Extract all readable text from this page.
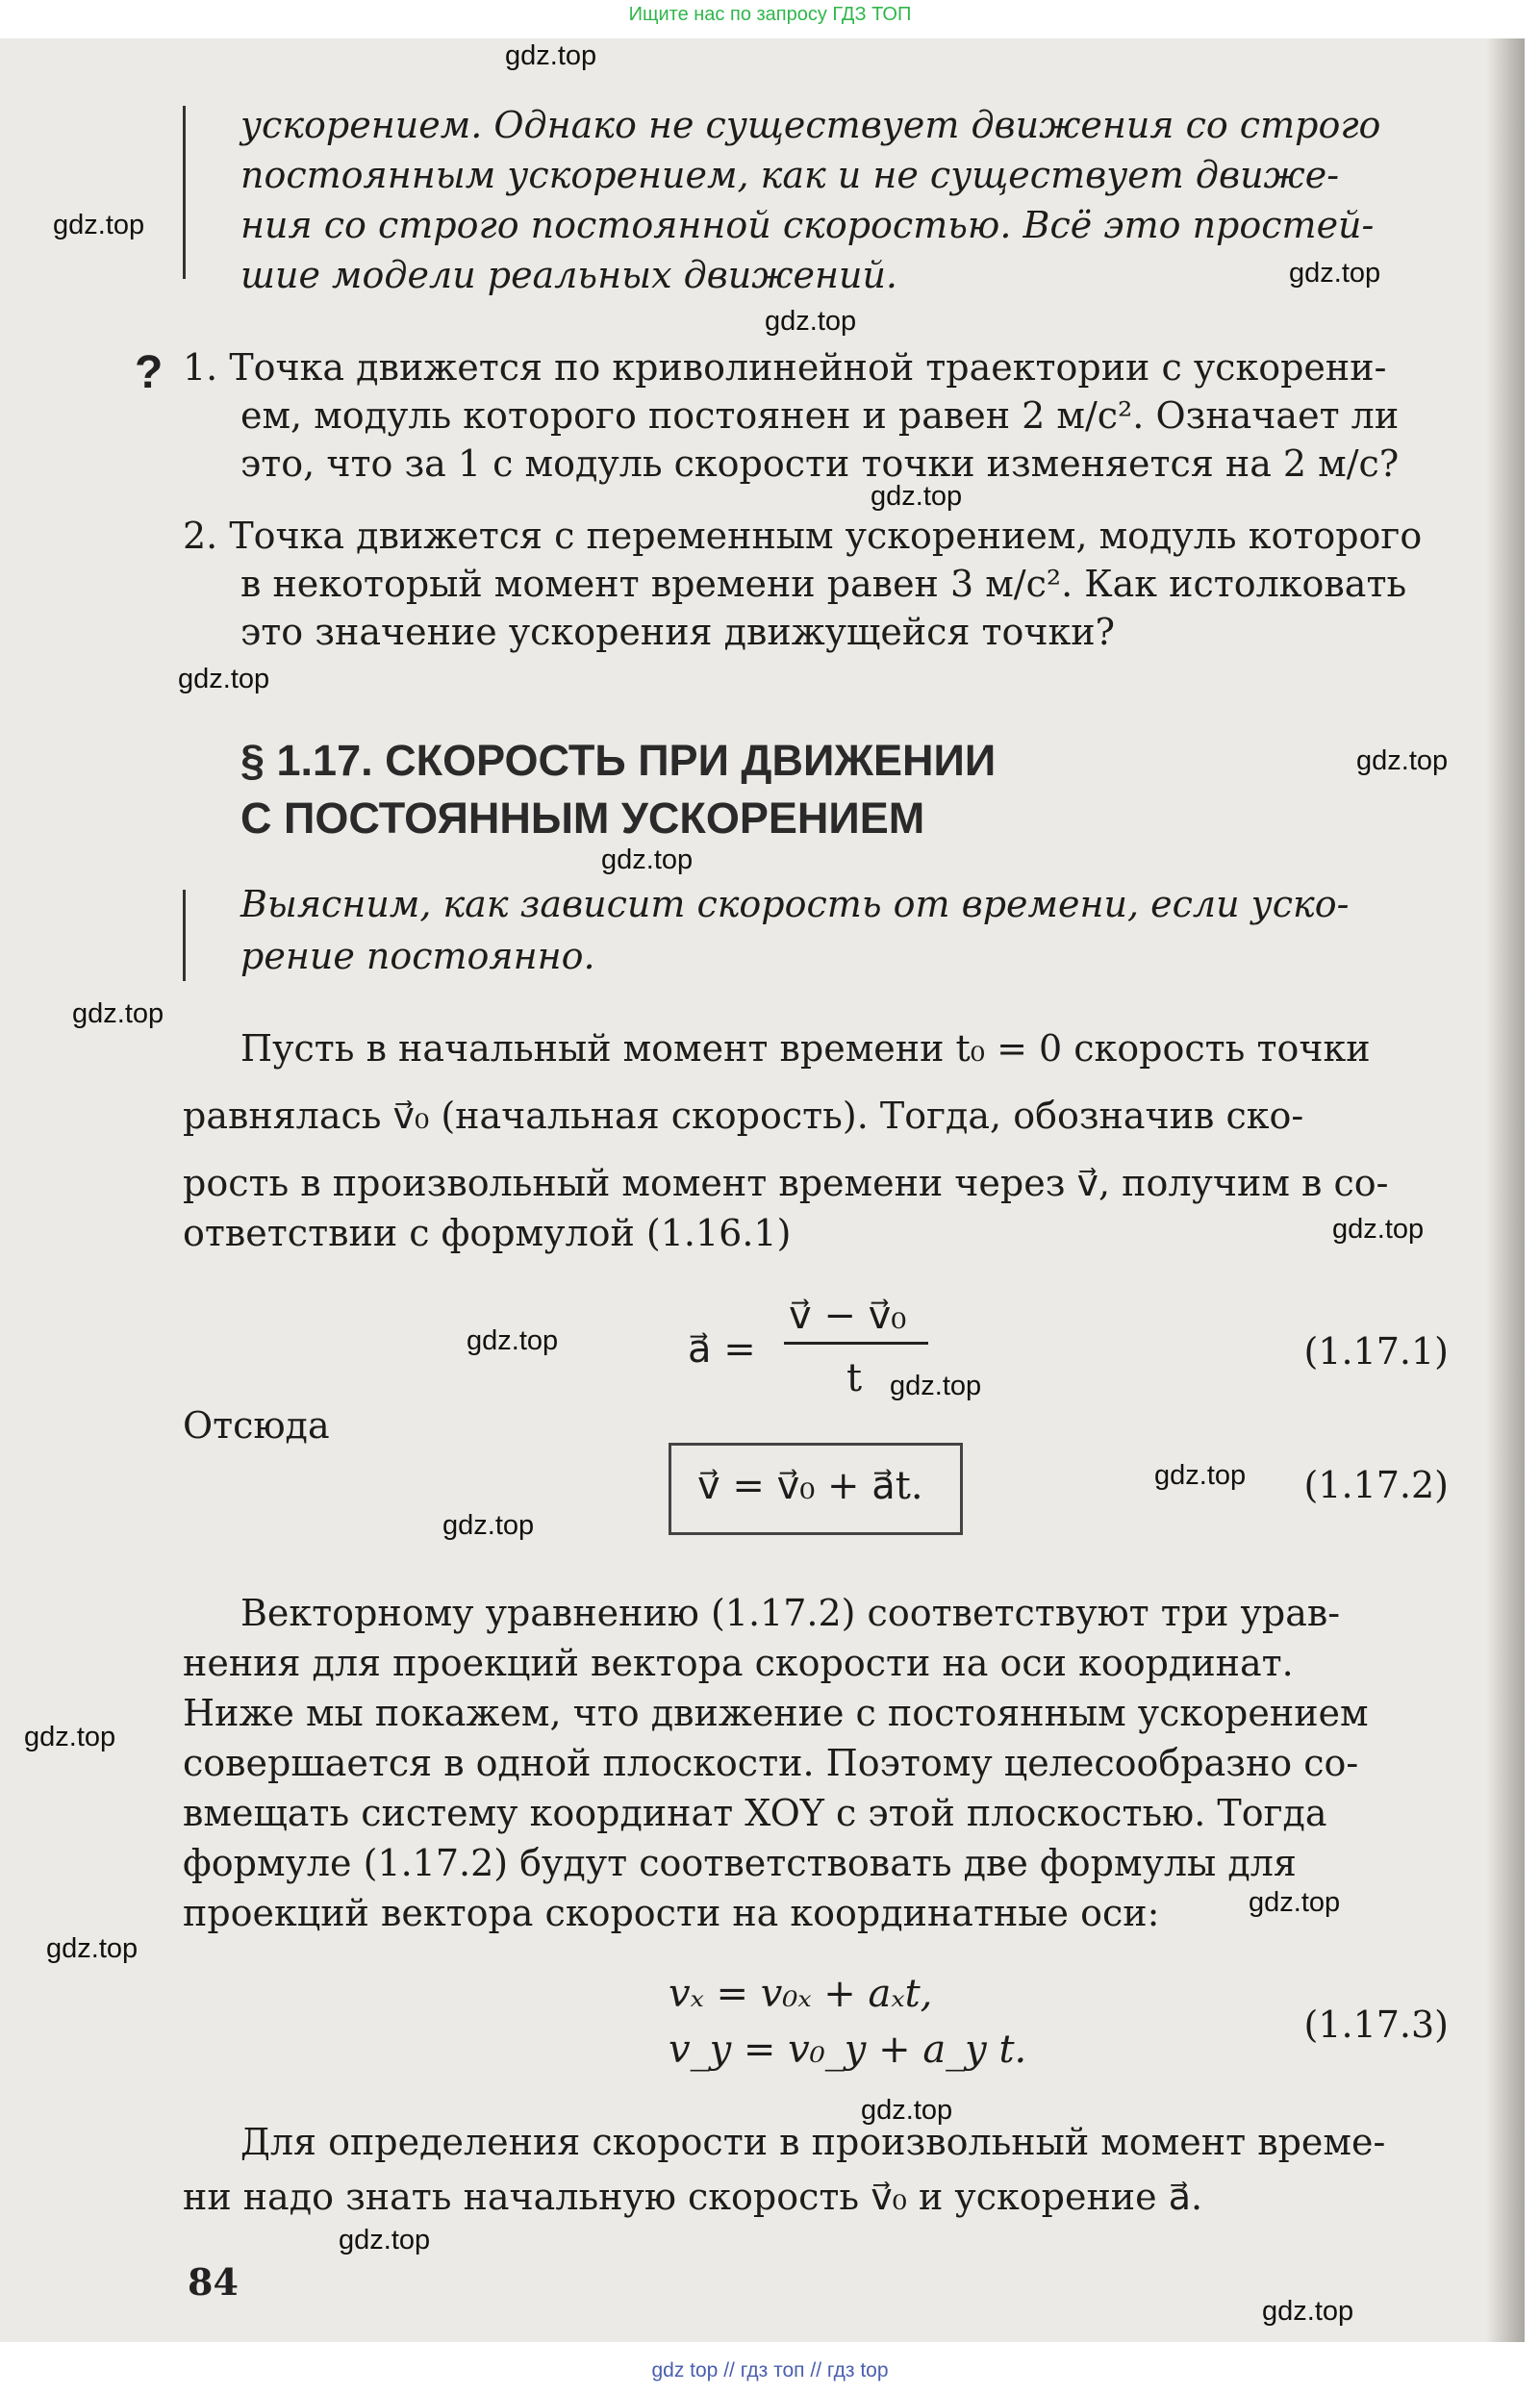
Ищите нас по запросу ГДЗ ТОП
ускорением. Однако не существует движения со строго
постоянным ускорением, как и не существует движе-
ния со строго постоянной скоростью. Всё это простей-
шие модели реальных движений.
? 1. Точка движется по криволинейной траектории с ускорени-
ем, модуль которого постоянен и равен 2 м/с². Означает ли
это, что за 1 с модуль скорости точки изменяется на 2 м/с?
2. Точка движется с переменным ускорением, модуль которого
в некоторый момент времени равен 3 м/с². Как истолковать
это значение ускорения движущейся точки?
§ 1.17. СКОРОСТЬ ПРИ ДВИЖЕНИИ
С ПОСТОЯННЫМ УСКОРЕНИЕМ
Выясним, как зависит скорость от времени, если уско-
рение постоянно.
Пусть в начальный момент времени t₀ = 0 скорость точки
равнялась v⃗₀ (начальная скорость). Тогда, обозначив ско-
рость в произвольный момент времени через v⃗, получим в со-
ответствии с формулой (1.16.1)
a⃗ =
v⃗ − v⃗₀
t
(1.17.1)
Отсюда
v⃗ = v⃗₀ + a⃗t.	(1.17.2)
Векторному уравнению (1.17.2) соответствуют три урав-
нения для проекций вектора скорости на оси координат.
Ниже мы покажем, что движение с постоянным ускорением
совершается в одной плоскости. Поэтому целесообразно со-
вмещать систему координат XOY с этой плоскостью. Тогда
формуле (1.17.2) будут соответствовать две формулы для
проекций вектора скорости на координатные оси:
vₓ = v₀ₓ + aₓt,
v_y = v₀_y + a_y t.
(1.17.3)
Для определения скорости в произвольный момент време-
ни надо знать начальную скорость v⃗₀ и ускорение a⃗.
84
gdz.top
gdz.top
gdz.top
gdz.top
gdz.top
gdz.top
gdz.top
gdz.top
gdz.top
gdz.top
gdz.top
gdz.top
gdz.top
gdz.top
gdz.top
gdz.top
gdz.top
gdz.top
gdz.top
gdz.top
gdz top // гдз топ // гдз top
